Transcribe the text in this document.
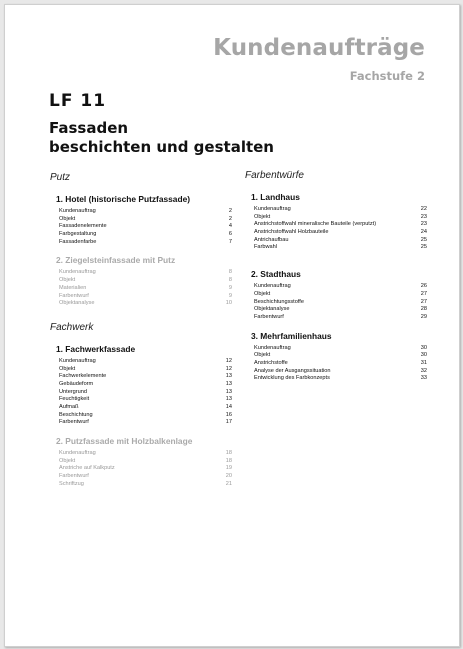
Kundenaufträge
Fachstufe 2
LF 11
Fassaden
beschichten und gestalten
Putz
1. Hotel (historische Putzfassade)
Kundenauftrag	2
Objekt	2
Fassadenelemente	4
Farbgestaltung	6
Fassadenfarbe	7
2. Ziegelsteinfassade mit Putz
Kundenauftrag	8
Objekt	8
Materialien	9
Farbentwurf	9
Objektanalyse	10
Fachwerk
1. Fachwerkfassade
Kundenauftrag	12
Objekt	12
Fachwerkelemente	13
Gebäudeform	13
Untergrund	13
Feuchtigkeit	13
Aufmaß	14
Beschichtung	16
Farbentwurf	17
2. Putzfassade mit Holzbalkenlage
Kundenauftrag	18
Objekt	18
Anstriche auf Kalkputz	19
Farbentwurf	20
Schriftzug	21
Farbentwürfe
1. Landhaus
Kundenauftrag	22
Objekt	23
Anstrichstoffwahl mineralische Bauteile (verputzt)	23
Anstrichstoffwahl Holzbauteile	24
Antrichaufbau	25
Farbwahl	25
2. Stadthaus
Kundenauftrag	26
Objekt	27
Beschichtungsstoffe	27
Objektanalyse	28
Farbentwurf	29
3. Mehrfamilienhaus
Kundenauftrag	30
Objekt	30
Anstrichstoffe	31
Analyse der Ausgangssituation	32
Entwicklung des Farbkonzepts	33
